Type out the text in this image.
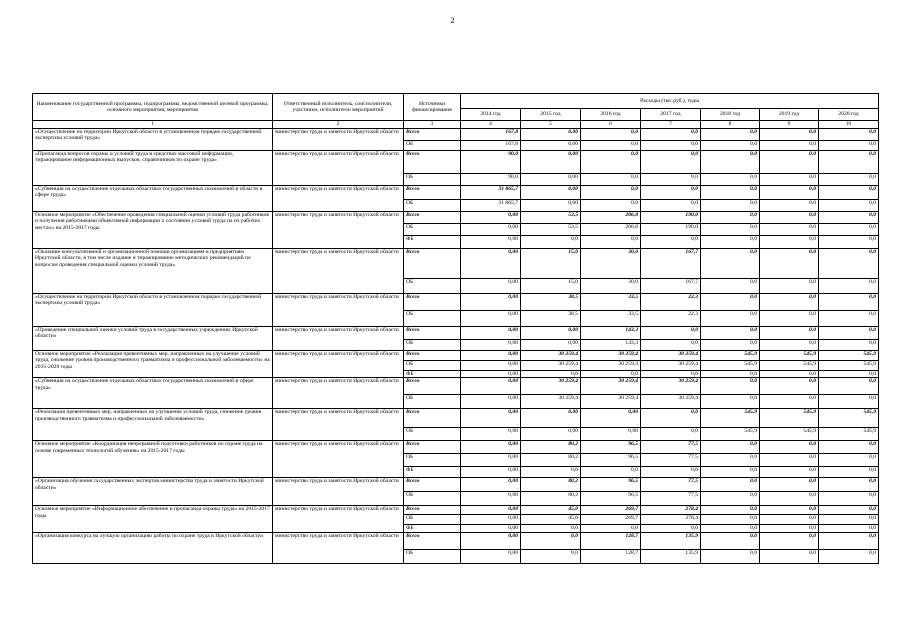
2
Наименование государственной программы, подпрограммы, ведомственной целевой программы, основного мероприятия, мероприятия	Ответственный исполнитель, соисполнители, участники, исполнители мероприятий	Источники финансирования	Расходы (тыс.руб.), годы						
			2014 год	2015 год	2016 год	2017 год	2018 год	2019 год	2020 год
1	2	3	4	5	6	7	8	9	10
«Осуществление на территории Иркутской области в установленном порядке государственной экспертизы условий труда»	министерство труда и занятости Иркутской области	Всего	167,8	0,00	0,0	0,0	0,0	0,0	0,0
		ОБ	167,8	0,00	0,0	0,0	0,0	0,0	0,0
«Пропаганда вопросов охраны и условий труда в средствах массовой информации, тиражирование информационных выпусков, справочников по охране труда»	министерство труда и занятости Иркутской области	Всего	90,0	0,00	0,0	0,0	0,0	0,0	0,0
		ОБ	90,0	0,00	0,0	0,0	0,0	0,0	0,0
«Субвенция на осуществление отдельных областных государственных полномочий в области в сфере труда»	министерство труда и занятости Иркутской области	Всего	31 865,7	0,00	0,0	0,0	0,0	0,0	0,0
		ОБ	31 865,7	0,00	0,0	0,0	0,0	0,0	0,0
Основное мероприятие «Обеспечение проведения специальной оценки условий труда работников и получения работниками объективной информации о состоянии условий труда на их рабочих местах» на 2015-2017 годы	министерство труда и занятости Иркутской области	Всего	0,00	53,5	206,8	190,0	0,0	0,0	0,0
		ОБ	0,00	53,5	206,8	190,0	0,0	0,0	0,0
		ФБ	0,00	0,0	0,0	0,0	0,0	0,0	0,0
«Оказание консультативной и организационной помощи организациям и предприятиям Иркутской области, в том числе издание и тиражирование методических рекомендаций по вопросам проведения специальной оценки условий труда»	министерство труда и занятости Иркутской области	Всего	0,00	15,0	30,0	167,7	0,0	0,0	0,0
		ОБ	0,00	15,0	30,0	167,7	0,0	0,0	0,0
«Осуществление на территории Иркутской области в установленном порядке государственной экспертизы условий труда»	министерство труда и занятости Иркутской области	Всего	0,00	38,5	33,5	22,3	0,0	0,0	0,0
		ОБ	0,00	38,5	33,5	22,3	0,0	0,0	0,0
«Проведение специальной оценки условий труда в государственных учреждениях Иркутской области»	министерство труда и занятости Иркутской области	Всего	0,00	0,00	143,3	0,0	0,0	0,0	0,0
		ОБ	0,00	0,00	143,3	0,0	0,0	0,0	0,0
Основное мероприятие «Реализация превентивных мер, направленных на улучшение условий труда, снижение уровня производственного травматизма и профессиональной заболеваемости» на 2015-2020 годы	министерство труда и занятости Иркутской области	Всего	0,00	30 259,4	30 259,4	30 259,4	545,9	545,9	545,9
		ОБ	0,00	30 259,4	30 259,4	30 259,4	545,9	545,9	545,9
		ФБ	0,00	0,0	0,0	0,0	0,0	0,0	0,0
«Субвенция на осуществление отдельных областных государственных полномочий в сфере труда»	министерство труда и занятости Иркутской области	Всего	0,00	30 259,4	30 259,4	30 259,4	0,0	0,0	0,0
		ОБ	0,00	30 259,4	30 259,4	30 259,4	0,0	0,0	0,0
«Реализация превентивных мер, направленных на улучшение условий труда, снижение уровня производственного травматизма и профессиональной заболеваемости»	министерство труда и занятости Иркутской области	Всего	0,00	0,00	0,00	0,0	545,9	545,9	545,9
		ОБ	0,00	0,00	0,00	0,0	545,9	545,9	545,9
Основное мероприятие «Координация непрерывной подготовки работников по охране труда на основе современных технологий обучения» на 2015-2017 годы	министерство труда и занятости Иркутской области	Всего	0,00	80,2	96,5	77,5	0,0	0,0	0,0
		ОБ	0,00	80,2	96,5	77,5	0,0	0,0	0,0
		ФБ	0,00	0,0	0,0	0,0	0,0	0,0	0,0
«Организация обучения государственных экспертов министерства труда и занятости Иркутской области»	министерство труда и занятости Иркутской области	Всего	0,00	80,2	96,5	77,5	0,0	0,0	0,0
		ОБ	0,00	80,2	96,5	77,5	0,0	0,0	0,0
Основное мероприятие «Информационное обеспечение и пропаганда охраны труда» на 2015-2017 годы	министерство труда и занятости Иркутской области	Всего	0,00	45,0	269,7	278,4	0,0	0,0	0,0
		ОБ	0,00	45,0	269,7	278,4	0,0	0,0	0,0
		ФБ	0,00	0,0	0,0	0,0	0,0	0,0	0,0
«Организация конкурса на лучшую организацию работы по охране труда в Иркутской области»	министерство труда и занятости Иркутской области	Всего	0,00	0,0	128,7	135,9	0,0	0,0	0,0
		ОБ	0,00	0,0	128,7	135,9	0,0	0,0	0,0
